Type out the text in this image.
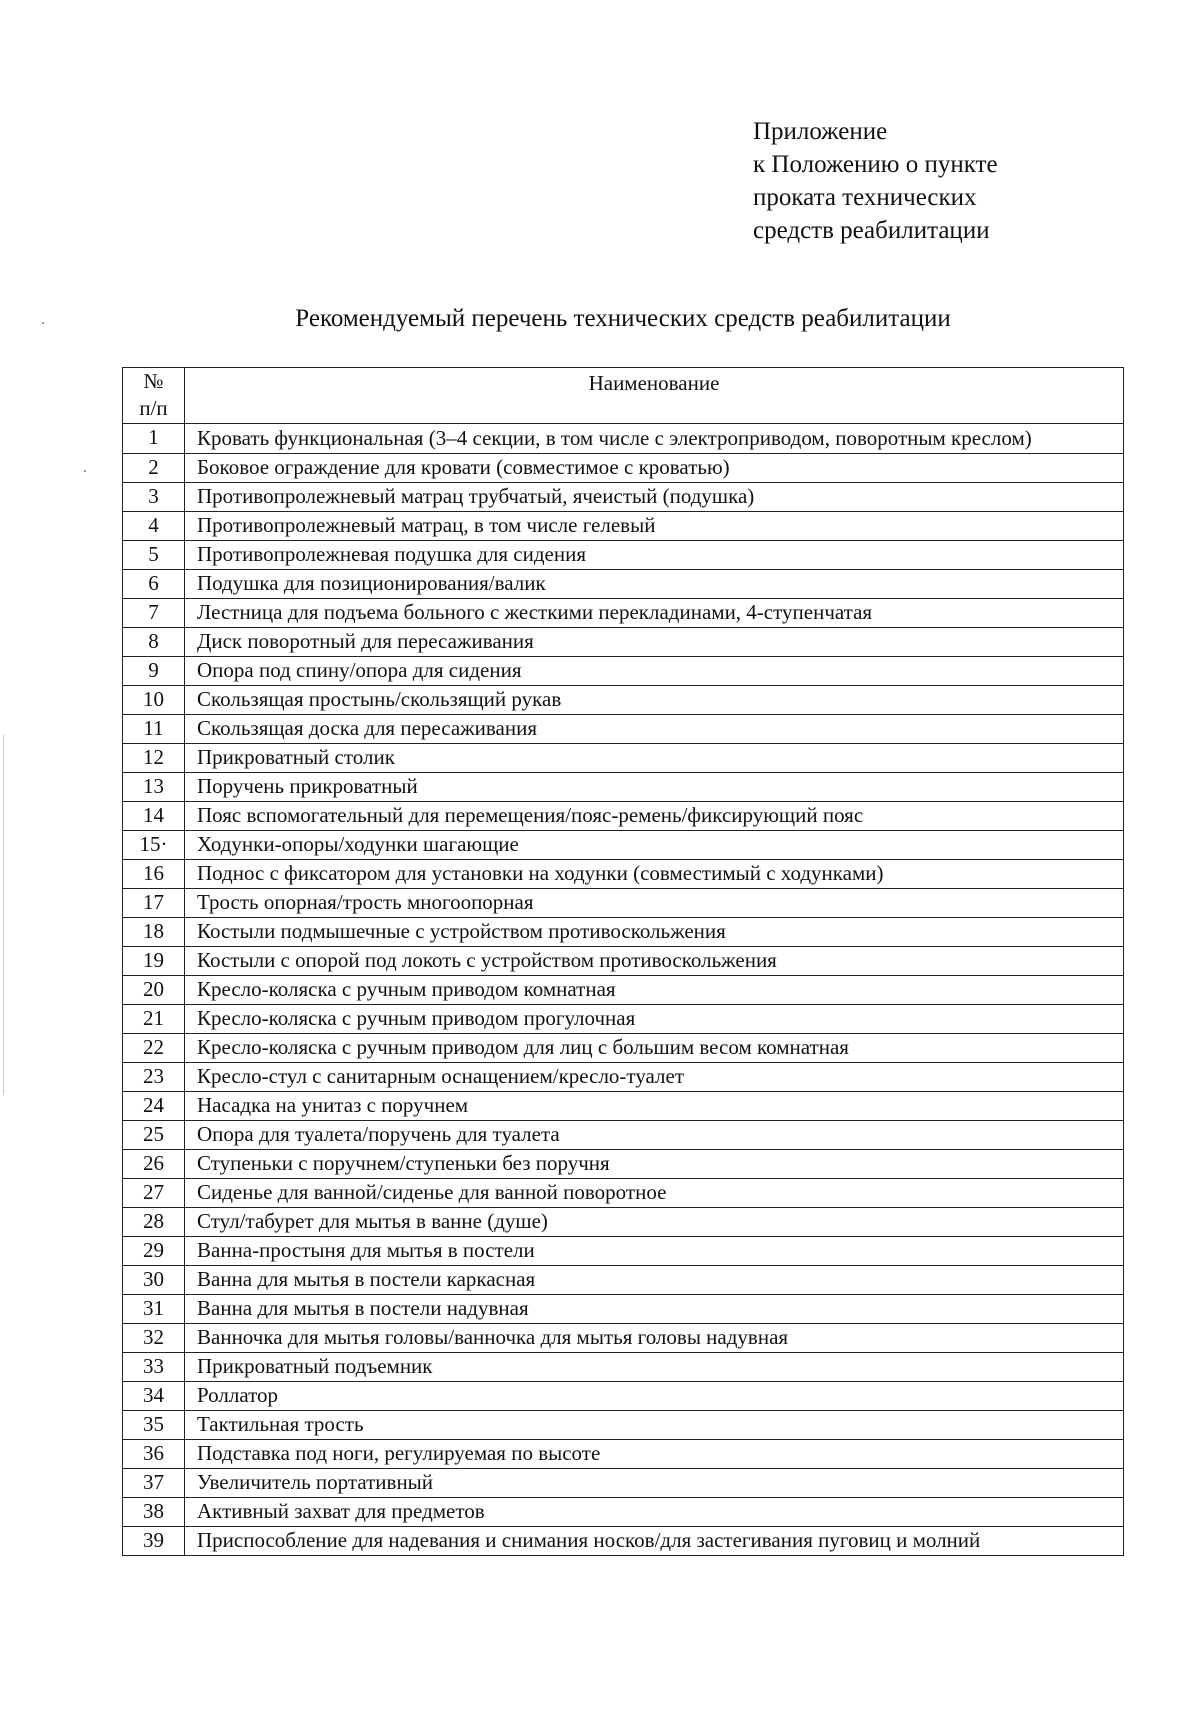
Приложение
к Положению о пункте
проката технических
средств реабилитации
Рекомендуемый перечень технических средств реабилитации
№
п/п	Наименование
1	Кровать функциональная (3–4 секции, в том числе с электроприводом, поворотным креслом)
2	Боковое ограждение для кровати (совместимое с кроватью)
3	Противопролежневый матрац трубчатый, ячеистый (подушка)
4	Противопролежневый матрац, в том числе гелевый
5	Противопролежневая подушка для сидения
6	Подушка для позиционирования/валик
7	Лестница для подъема больного с жесткими перекладинами, 4-ступенчатая
8	Диск поворотный для пересаживания
9	Опора под спину/опора для сидения
10	Скользящая простынь/скользящий рукав
11	Скользящая доска для пересаживания
12	Прикроватный столик
13	Поручень прикроватный
14	Пояс вспомогательный для перемещения/пояс-ремень/фиксирующий пояс
15·	Ходунки-опоры/ходунки шагающие
16	Поднос с фиксатором для установки на ходунки (совместимый с ходунками)
17	Трость опорная/трость многоопорная
18	Костыли подмышечные с устройством противоскольжения
19	Костыли с опорой под локоть с устройством противоскольжения
20	Кресло-коляска с ручным приводом комнатная
21	Кресло-коляска с ручным приводом прогулочная
22	Кресло-коляска с ручным приводом для лиц с большим весом комнатная
23	Кресло-стул с санитарным оснащением/кресло-туалет
24	Насадка на унитаз с поручнем
25	Опора для туалета/поручень для туалета
26	Ступеньки с поручнем/ступеньки без поручня
27	Сиденье для ванной/сиденье для ванной поворотное
28	Стул/табурет для мытья в ванне (душе)
29	Ванна-простыня для мытья в постели
30	Ванна для мытья в постели каркасная
31	Ванна для мытья в постели надувная
32	Ванночка для мытья головы/ванночка для мытья головы надувная
33	Прикроватный подъемник
34	Роллатор
35	Тактильная трость
36	Подставка под ноги, регулируемая по высоте
37	Увеличитель портативный
38	Активный захват для предметов
39	Приспособление для надевания и снимания носков/для застегивания пуговиц и молний
